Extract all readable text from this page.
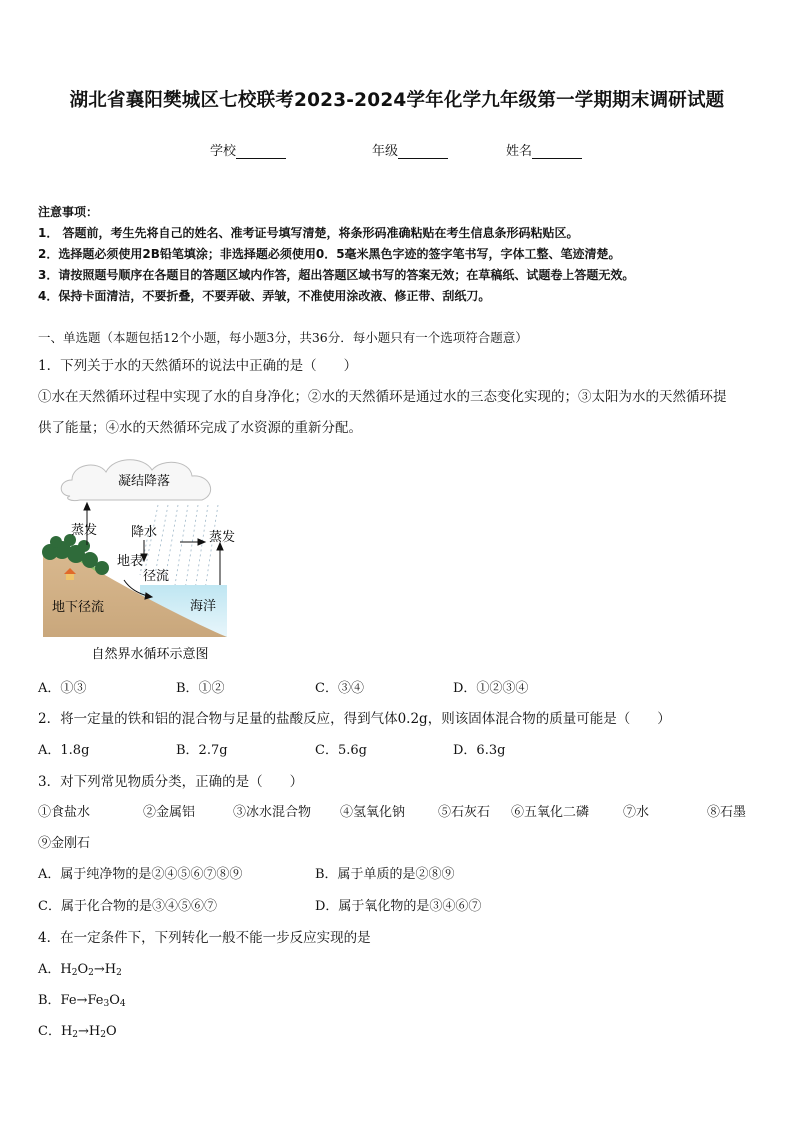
湖北省襄阳樊城区七校联考2023-2024学年化学九年级第一学期期末调研试题
学校	年级	姓名
注意事项：
1． 答题前，考生先将自己的姓名、准考证号填写清楚，将条形码准确粘贴在考生信息条形码粘贴区。
2．选择题必须使用2B铅笔填涂；非选择题必须使用0．5毫米黑色字迹的签字笔书写，字体工整、笔迹清楚。
3．请按照题号顺序在各题目的答题区域内作答，超出答题区域书写的答案无效；在草稿纸、试题卷上答题无效。
4．保持卡面清洁，不要折叠，不要弄破、弄皱，不准使用涂改液、修正带、刮纸刀。
一、单选题（本题包括12个小题，每小题3分，共36分．每小题只有一个选项符合题意）
1．下列关于水的天然循环的说法中正确的是（　　）
①水在天然循环过程中实现了水的自身净化；②水的天然循环是通过水的三态变化实现的；③太阳为水的天然循环提
供了能量；④水的天然循环完成了水资源的重新分配。
凝结降落
蒸发	降水	蒸发
地表
径流
地下径流	海洋
自然界水循环示意图
A．①③	B．①②	C．③④	D．①②③④
2．将一定量的铁和铝的混合物与足量的盐酸反应，得到气体0.2g，则该固体混合物的质量可能是（　　）
A．1.8g	B．2.7g	C．5.6g	D．6.3g
3．对下列常见物质分类，正确的是（　　）
①食盐水	②金属铝	③冰水混合物 ④氢氧化钠	⑤石灰石 ⑥五氧化二磷	⑦水	⑧石墨
⑨金刚石
A．属于纯净物的是②④⑤⑥⑦⑧⑨	B．属于单质的是②⑧⑨
C．属于化合物的是③④⑤⑥⑦	D．属于氧化物的是③④⑥⑦
4．在一定条件下，下列转化一般不能一步反应实现的是
A．$H_2O_2\to H_2$
B．$Fe\to Fe_3O_4$
C．$H_2\to H_2O$
